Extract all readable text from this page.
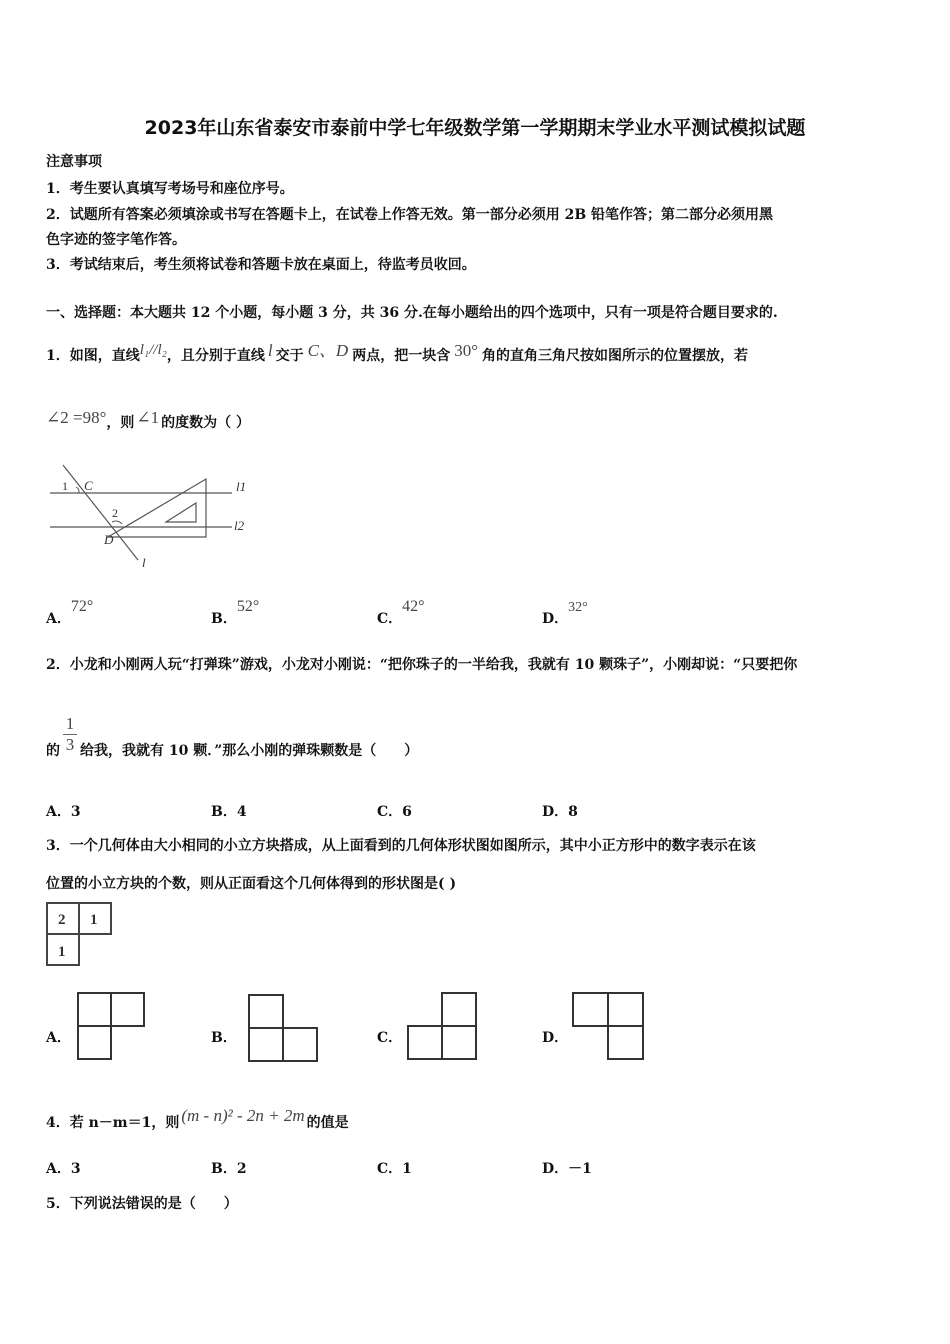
2023年山东省泰安市泰前中学七年级数学第一学期期末学业水平测试模拟试题
注意事项
1．考生要认真填写考场号和座位序号。
2．试题所有答案必须填涂或书写在答题卡上，在试卷上作答无效。第一部分必须用 2B 铅笔作答；第二部分必须用黑
色字迹的签字笔作答。
3．考试结束后，考生须将试卷和答题卡放在桌面上，待监考员收回。
一、选择题：本大题共 12 个小题，每小题 3 分，共 36 分.在每小题给出的四个选项中，只有一项是符合题目要求的.
1．如图，直线l₁//l₂，且分别于直线 l 交于 C、D 两点，把一块含 30° 角的直角三角尺按如图所示的位置摆放，若
∠2 =98°，则 ∠1 的度数为（ ）
1 C
2
D
l
l1
l2
A．72°
B．52°
C．42°
D．32°
2．小龙和小刚两人玩“打弹珠”游戏，小龙对小刚说：“把你珠子的一半给我，我就有 10 颗珠子”，小刚却说：“只要把你
的
1
3 给我，我就有 10 颗．”那么小刚的弹珠颗数是（　　）
A．3	B．4	C．6	D．8
3．一个几何体由大小相同的小立方块搭成，从上面看到的几何体形状图如图所示，其中小正方形中的数字表示在该
位置的小立方块的个数，则从正面看这个几何体得到的形状图是( )
2 1
1
A．	B．	C．	D．
4．若 n－m＝1，则 (m - n)² - 2n + 2m 的值是
A．3	B．2	C．1	D．－1
5．下列说法错误的是（　　）
